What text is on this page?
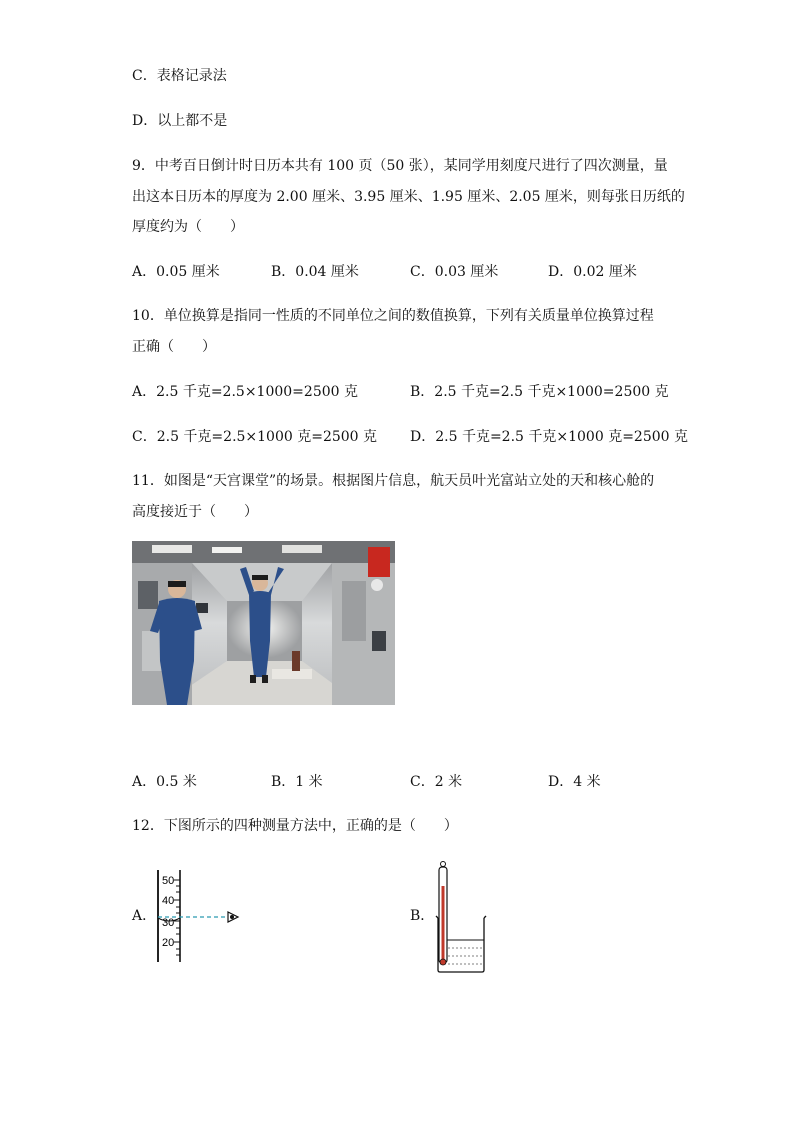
C．表格记录法
D．以上都不是
9．中考百日倒计时日历本共有 100 页（50 张），某同学用刻度尺进行了四次测量，量
出这本日历本的厚度为 2.00 厘米、3.95 厘米、1.95 厘米、2.05 厘米，则每张日历纸的
厚度约为（　　）
A．0.05 厘米	B．0.04 厘米	C．0.03 厘米	D．0.02 厘米
10．单位换算是指同一性质的不同单位之间的数值换算，下列有关质量单位换算过程
正确（　　）
A．2.5 千克=2.5×1000=2500 克	B．2.5 千克=2.5 千克×1000=2500 克
C．2.5 千克=2.5×1000 克=2500 克 D．2.5 千克=2.5 千克×1000 克=2500 克
11．如图是“天宫课堂”的场景。根据图片信息，航天员叶光富站立处的天和核心舱的
高度接近于（　　）
A．0.5 米	B．1 米	C．2 米	D．4 米
12．下图所示的四种测量方法中，正确的是（　　）
A．
50
40
30
20
B．
